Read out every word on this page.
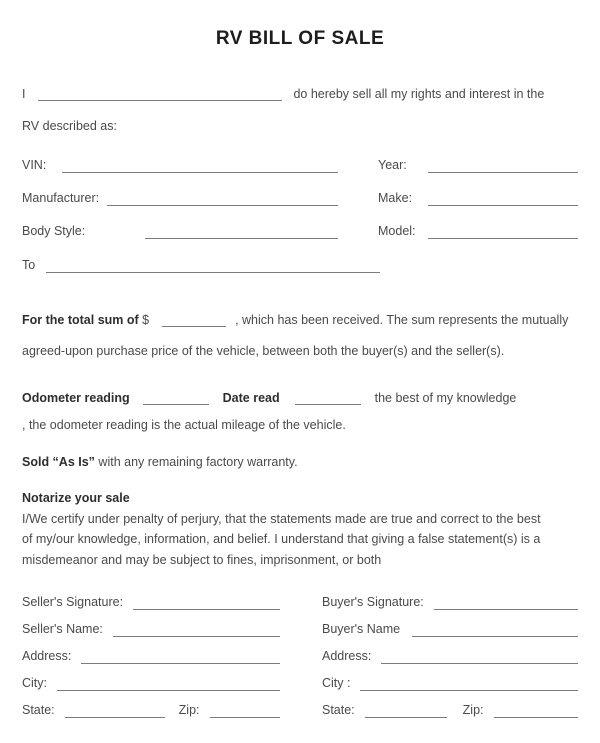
RV BILL OF SALE
I	do hereby sell all my rights and interest in the
RV described as:
VIN:	Year:
Manufacturer:	Make:
Body Style:	Model:
To
For the total sum of $	, which has been received. The sum represents the mutually
agreed-upon purchase price of the vehicle, between both the buyer(s) and the seller(s).
Odometer reading	Date read	the best of my knowledge
, the odometer reading is the actual mileage of the vehicle.
Sold “As Is” with any remaining factory warranty.
Notarize your sale
I/We certify under penalty of perjury, that the statements made are true and correct to the best
of my/our knowledge, information, and belief. I understand that giving a false statement(s) is a
misdemeanor and may be subject to fines, imprisonment, or both
Seller's Signature:
Seller's Name:
Address:
City:
State:	Zip:
Buyer's Signature:
Buyer's Name
Address:
City :
State:	Zip:
